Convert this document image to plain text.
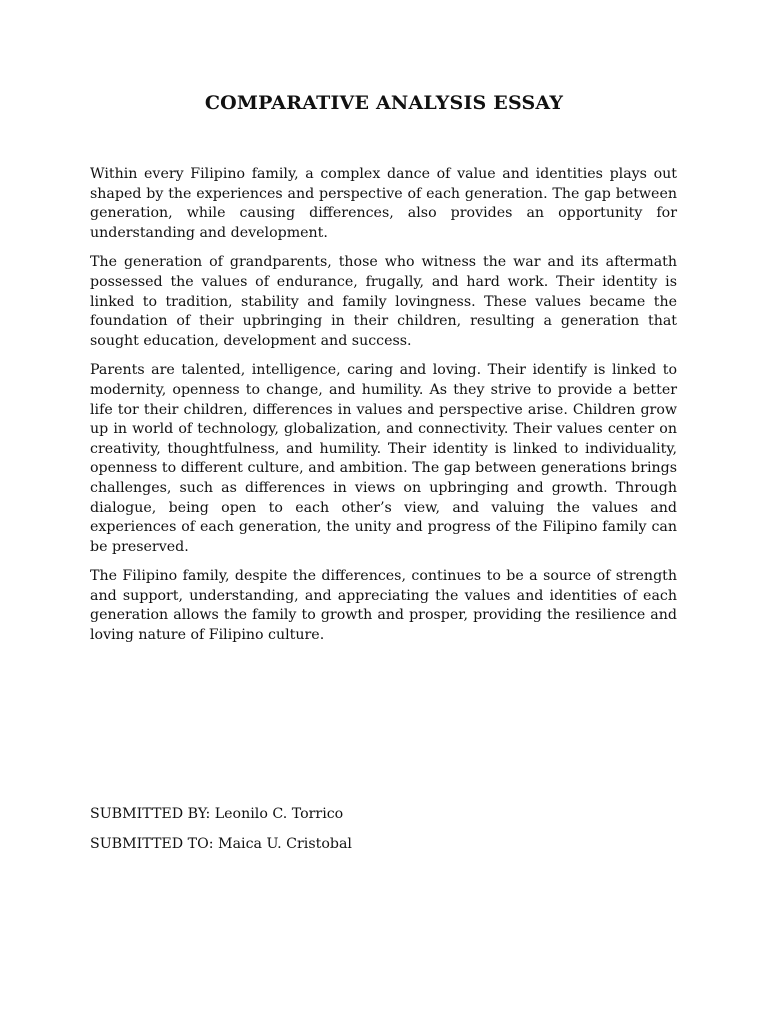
COMPARATIVE ANALYSIS ESSAY

Within every Filipino family, a complex dance of value and identities plays out shaped by the experiences and perspective of each generation. The gap between generation, while causing differences, also provides an opportunity for understanding and development.

The generation of grandparents, those who witness the war and its aftermath possessed the values of endurance, frugally, and hard work. Their identity is linked to tradition, stability and family lovingness. These values became the foundation of their upbringing in their children, resulting a generation that sought education, development and success.

Parents are talented, intelligence, caring and loving. Their identify is linked to modernity, openness to change, and humility. As they strive to provide a better life tor their children, differences in values and perspective arise. Children grow up in world of technology, globalization, and connectivity. Their values center on creativity, thoughtfulness, and humility. Their identity is linked to individuality, openness to different culture, and ambition. The gap between generations brings challenges, such as differences in views on upbringing and growth. Through dialogue, being open to each other’s view, and valuing the values and experiences of each generation, the unity and progress of the Filipino family can be preserved.

The Filipino family, despite the differences, continues to be a source of strength and support, understanding, and appreciating the values and identities of each generation allows the family to growth and prosper, providing the resilience and loving nature of Filipino culture.

SUBMITTED BY: Leonilo C. Torrico

SUBMITTED TO: Maica U. Cristobal
